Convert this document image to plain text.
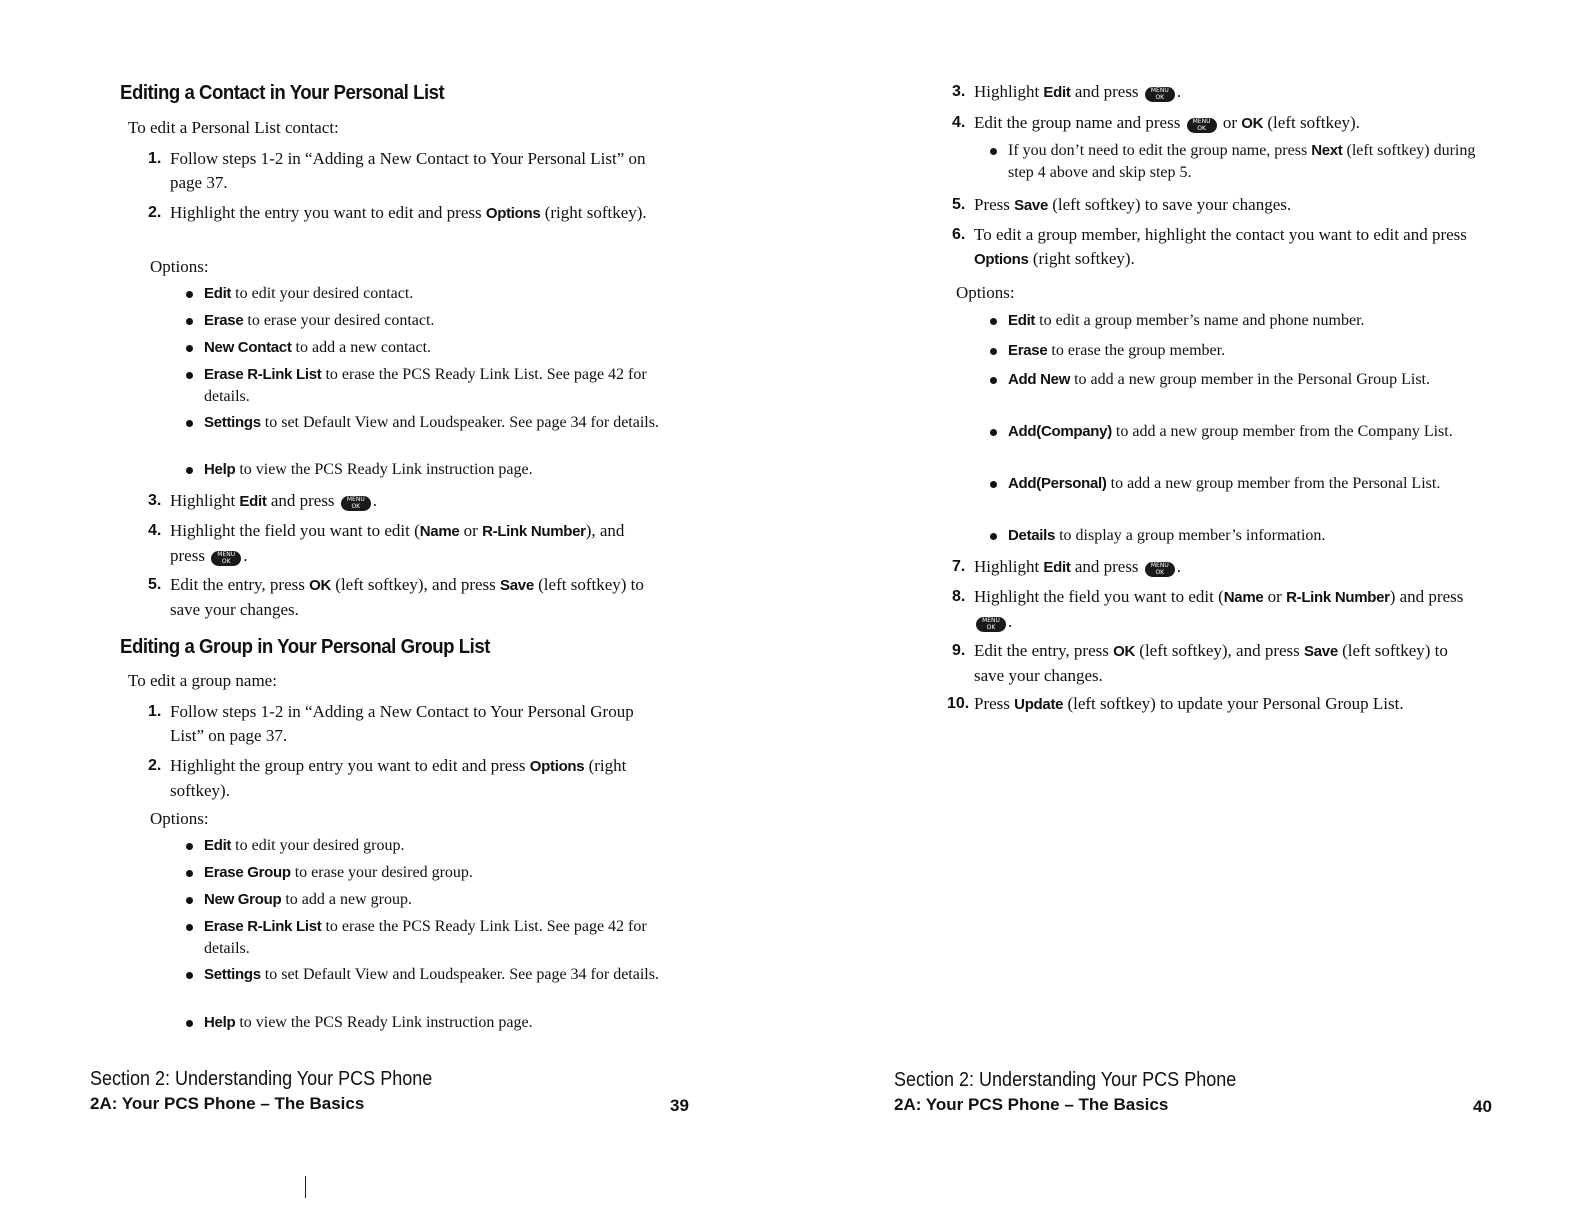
Editing a Contact in Your Personal List

To edit a Personal List contact:

1. Follow steps 1-2 in “Adding a New Contact to Your Personal List” on page 37.
2. Highlight the entry you want to edit and press Options (right softkey).

Options:

Edit to edit your desired contact.
Erase to erase your desired contact.
New Contact to add a new contact.
Erase R-Link List to erase the PCS Ready Link List. See page 42 for details.
Settings to set Default View and Loudspeaker. See page 34 for details.
Help to view the PCS Ready Link instruction page.
3. Highlight Edit and press	MENU
OK .
4. Highlight the field you want to edit (Name or R-Link Number), and press	MENU
OK .
5. Edit the entry, press OK (left softkey), and press Save (left softkey) to save your changes.
Editing a Group in Your Personal Group List

To edit a group name:

1. Follow steps 1-2 in “Adding a New Contact to Your Personal Group List” on page 37.
2. Highlight the group entry you want to edit and press Options (right softkey).

Options:

Edit to edit your desired group.
Erase Group to erase your desired group.
New Group to add a new group.
Erase R-Link List to erase the PCS Ready Link List. See page 42 for details.
Settings to set Default View and Loudspeaker. See page 34 for details.
Help to view the PCS Ready Link instruction page.

Section 2: Understanding Your PCS Phone

2A: Your PCS Phone – The Basics	39

3. Highlight Edit and press	MENU
OK .
4. Edit the group name and press	MENU
OK or OK (left softkey).
If you don’t need to edit the group name, press Next (left softkey) during step 4 above and skip step 5.
5. Press Save (left softkey) to save your changes.
6. To edit a group member, highlight the contact you want to edit and press Options (right softkey).

Options:

Edit to edit a group member’s name and phone number.
Erase to erase the group member.
Add New to add a new group member in the Personal Group List.
Add(Company) to add a new group member from the Company List.
Add(Personal) to add a new group member from the Personal List.
Details to display a group member’s information.
7. Highlight Edit and press	MENU
OK .
8. Highlight the field you want to edit (Name or R-Link Number) and press
MENU
OK .
9. Edit the entry, press OK (left softkey), and press Save (left softkey) to save your changes.
10. Press Update (left softkey) to update your Personal Group List.

Section 2: Understanding Your PCS Phone

2A: Your PCS Phone – The Basics	40
